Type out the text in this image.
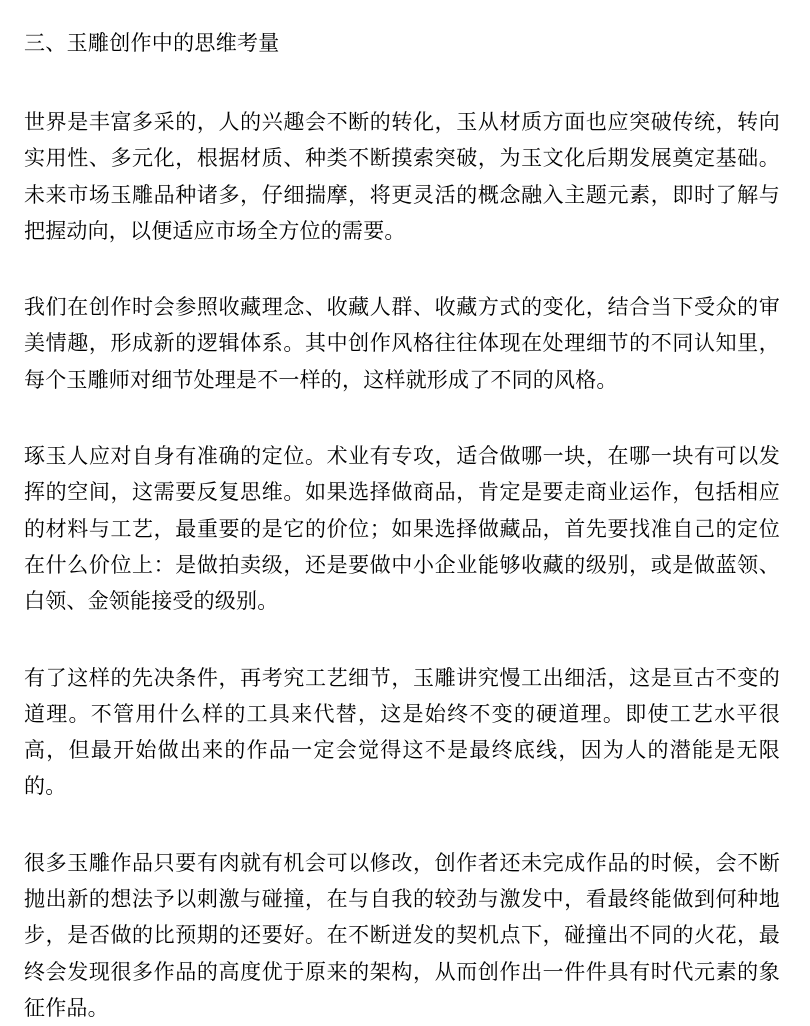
三、玉雕创作中的思维考量

世界是丰富多采的，人的兴趣会不断的转化，玉从材质方面也应突破传统，转向实用性、多元化，根据材质、种类不断摸索突破，为玉文化后期发展奠定基础。未来市场玉雕品种诸多，仔细揣摩，将更灵活的概念融入主题元素，即时了解与把握动向，以便适应市场全方位的需要。

我们在创作时会参照收藏理念、收藏人群、收藏方式的变化，结合当下受众的审美情趣，形成新的逻辑体系。其中创作风格往往体现在处理细节的不同认知里，每个玉雕师对细节处理是不一样的，这样就形成了不同的风格。

琢玉人应对自身有准确的定位。术业有专攻，适合做哪一块，在哪一块有可以发挥的空间，这需要反复思维。如果选择做商品，肯定是要走商业运作，包括相应的材料与工艺，最重要的是它的价位；如果选择做藏品，首先要找准自己的定位在什么价位上：是做拍卖级，还是要做中小企业能够收藏的级别，或是做蓝领、白领、金领能接受的级别。

有了这样的先决条件，再考究工艺细节，玉雕讲究慢工出细活，这是亘古不变的道理。不管用什么样的工具来代替，这是始终不变的硬道理。即使工艺水平很高，但最开始做出来的作品一定会觉得这不是最终底线，因为人的潜能是无限的。

很多玉雕作品只要有肉就有机会可以修改，创作者还未完成作品的时候，会不断抛出新的想法予以刺激与碰撞，在与自我的较劲与激发中，看最终能做到何种地步，是否做的比预期的还要好。在不断迸发的契机点下，碰撞出不同的火花，最终会发现很多作品的高度优于原来的架构，从而创作出一件件具有时代元素的象征作品。
